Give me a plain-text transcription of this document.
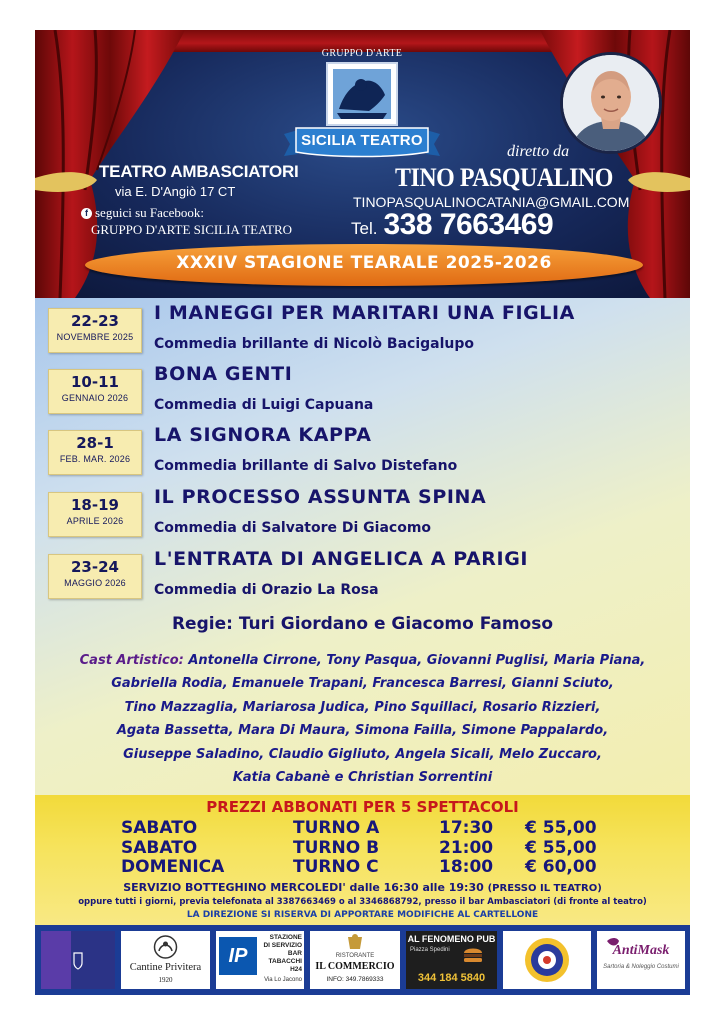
GRUPPO D'ARTE
SICILIA TEATRO
TEATRO AMBASCIATORI
via E. D'Angiò 17 CT
f seguici su Facebook:
GRUPPO D'ARTE SICILIA TEATRO
diretto da
TINO PASQUALINO
TINOPASQUALINOCATANIA@GMAIL.COM
Tel. 338 7663469
XXXIV STAGIONE TEARALE 2025-2026
22-23
NOVEMBRE 2025
I MANEGGI PER MARITARI UNA FIGLIA
Commedia brillante di Nicolò Bacigalupo
10-11
GENNAIO 2026
BONA GENTI
Commedia di Luigi Capuana
28-1
FEB. MAR. 2026
LA SIGNORA KAPPA
Commedia brillante di Salvo Distefano
18-19
APRILE 2026
IL PROCESSO ASSUNTA SPINA
Commedia di Salvatore Di Giacomo
23-24
MAGGIO 2026
L'ENTRATA DI ANGELICA A PARIGI
Commedia di Orazio La Rosa
Regie: Turi Giordano e Giacomo Famoso
Cast Artistico: Antonella Cirrone, Tony Pasqua, Giovanni Puglisi, Maria Piana,
Gabriella Rodia, Emanuele Trapani, Francesca Barresi, Gianni Sciuto,
Tino Mazzaglia, Mariarosa Judica, Pino Squillaci, Rosario Rizzieri,
Agata Bassetta, Mara Di Maura, Simona Failla, Simone Pappalardo,
Giuseppe Saladino, Claudio Gigliuto, Angela Sicali, Melo Zuccaro,
Katia Cabanè e Christian Sorrentini
PREZZI ABBONATI PER 5 SPETTACOLI
SABATO	TURNO A	17:30 € 55,00
SABATO	TURNO B	21:00 € 55,00
DOMENICA	TURNO C	18:00 € 60,00
SERVIZIO BOTTEGHINO MERCOLEDI' dalle 16:30 alle 19:30 (PRESSO IL TEATRO)
oppure tutti i giorni, previa telefonata al 3387663469 o al 3346868792, presso il bar Ambasciatori (di fronte al teatro)
LA DIREZIONE SI RISERVA DI APPORTARE MODIFICHE AL CARTELLONE
Cantine Privitera
1920
IP
STAZIONE
DI SERVIZIO
BAR
TABACCHI
H24
Via Lo Jacono
RISTORANTE
IL COMMERCIO
INFO: 349.7869333
AL FENOMENO PUB
Piazza Spedini
344 184 5840
AntiMask
Sartoria & Noleggio Costumi
